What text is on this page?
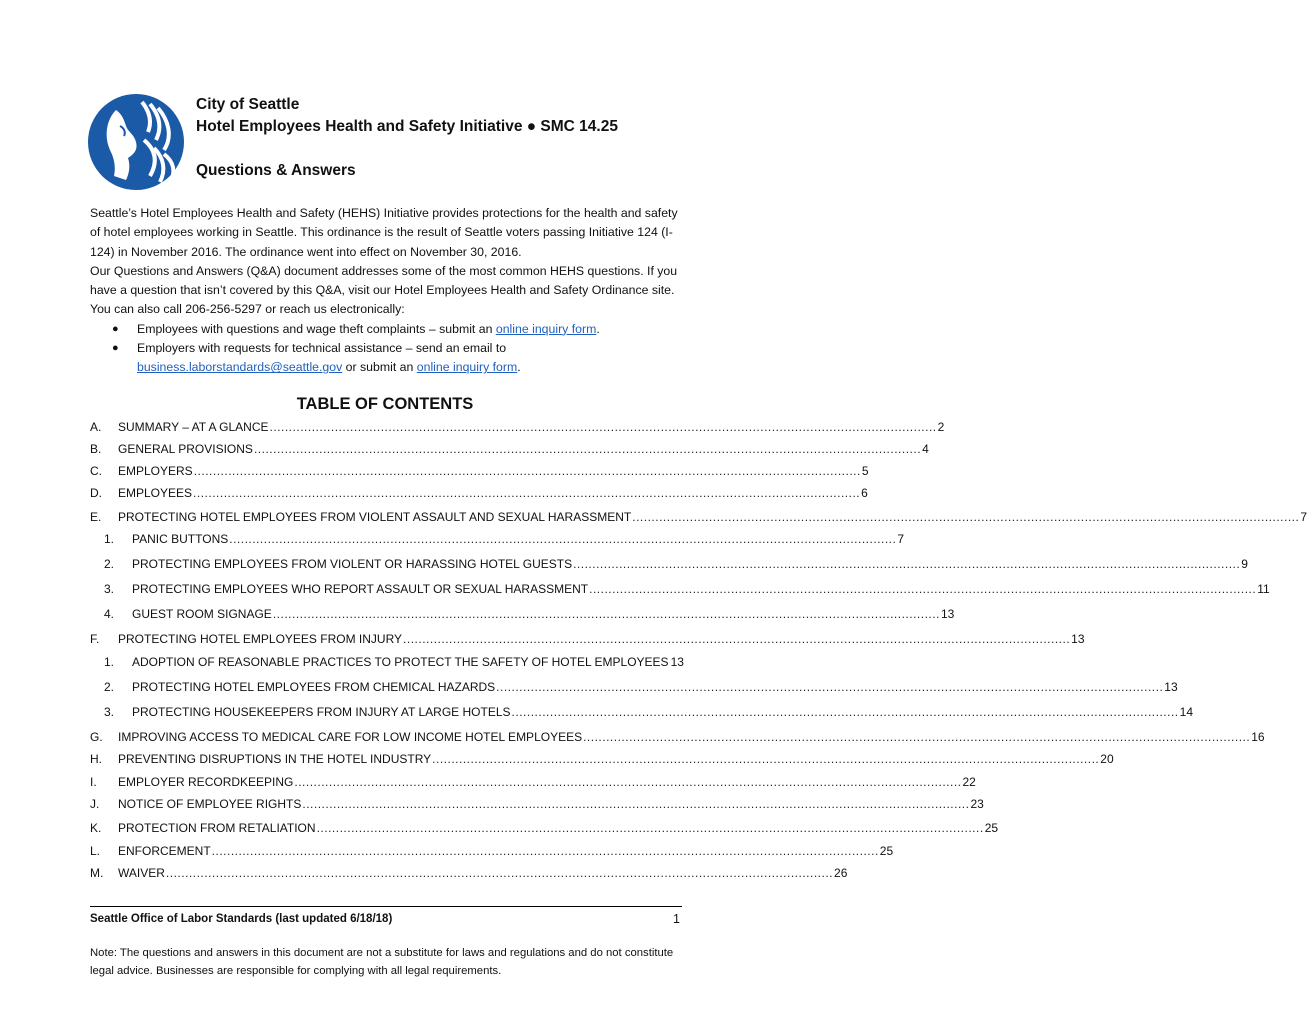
City of Seattle
Hotel Employees Health and Safety Initiative ● SMC 14.25
Questions & Answers

Seattle’s Hotel Employees Health and Safety (HEHS) Initiative provides protections for the health and safety of hotel employees working in Seattle. This ordinance is the result of Seattle voters passing Initiative 124 (I-124) in November 2016. The ordinance went into effect on November 30, 2016.

Our Questions and Answers (Q&A) document addresses some of the most common HEHS questions. If you have a question that isn’t covered by this Q&A, visit our Hotel Employees Health and Safety Ordinance site. You can also call 206-256-5297 or reach us electronically:

● Employees with questions and wage theft complaints – submit an online inquiry form.
● Employers with requests for technical assistance – send an email to business.laborstandards@seattle.gov or submit an online inquiry form.
TABLE OF CONTENTS
A.	SUMMARY – AT A GLANCE .............................................................................................................................................................................. 2
B.	GENERAL PROVISIONS .............................................................................................................................................................................. 4
C.	EMPLOYERS .............................................................................................................................................................................. 5
D.	EMPLOYEES .............................................................................................................................................................................. 6
E.	PROTECTING HOTEL EMPLOYEES FROM VIOLENT ASSAULT AND SEXUAL HARASSMENT .............................................................................................................................................................................. 7
1.	PANIC BUTTONS .............................................................................................................................................................................. 7
2.	PROTECTING EMPLOYEES FROM VIOLENT OR HARASSING HOTEL GUESTS .............................................................................................................................................................................. 9
3.	PROTECTING EMPLOYEES WHO REPORT ASSAULT OR SEXUAL HARASSMENT .............................................................................................................................................................................. 11
4.	GUEST ROOM SIGNAGE .............................................................................................................................................................................. 13
F.	PROTECTING HOTEL EMPLOYEES FROM INJURY .............................................................................................................................................................................. 13
1.	ADOPTION OF REASONABLE PRACTICES TO PROTECT THE SAFETY OF HOTEL EMPLOYEES 13
2.	PROTECTING HOTEL EMPLOYEES FROM CHEMICAL HAZARDS .............................................................................................................................................................................. 13
3.	PROTECTING HOUSEKEEPERS FROM INJURY AT LARGE HOTELS .............................................................................................................................................................................. 14
G.	IMPROVING ACCESS TO MEDICAL CARE FOR LOW INCOME HOTEL EMPLOYEES .............................................................................................................................................................................. 16
H.	PREVENTING DISRUPTIONS IN THE HOTEL INDUSTRY .............................................................................................................................................................................. 20
I.	EMPLOYER RECORDKEEPING .............................................................................................................................................................................. 22
J.	NOTICE OF EMPLOYEE RIGHTS .............................................................................................................................................................................. 23
K.	PROTECTION FROM RETALIATION .............................................................................................................................................................................. 25
L.	ENFORCEMENT .............................................................................................................................................................................. 25
M.	WAIVER .............................................................................................................................................................................. 26
Seattle Office of Labor Standards (last updated 6/18/18)	1
Note: The questions and answers in this document are not a substitute for laws and regulations and do not constitute legal advice. Businesses are responsible for complying with all legal requirements.
